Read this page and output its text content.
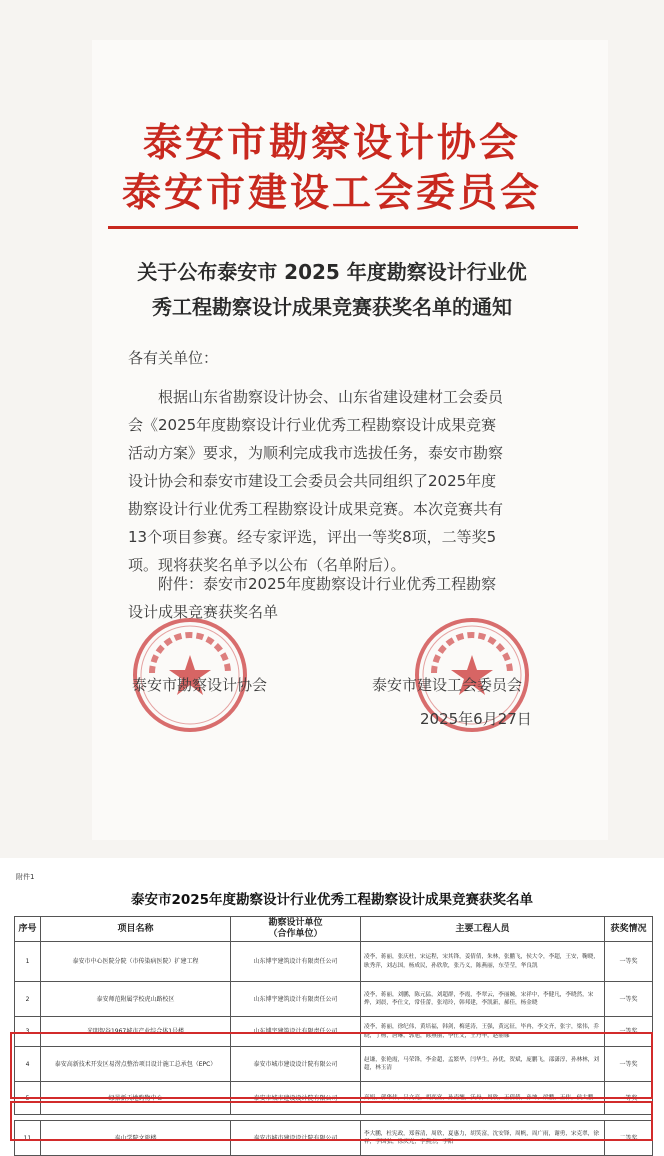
泰安市勘察设计协会
泰安市建设工会委员会
关于公布泰安市 2025 年度勘察设计行业优
秀工程勘察设计成果竞赛获奖名单的通知
各有关单位：
根据山东省勘察设计协会、山东省建设建材工会委员会《2025年度勘察设计行业优秀工程勘察设计成果竞赛活动方案》要求，为顺利完成我市选拔任务，泰安市勘察设计协会和泰安市建设工会委员会共同组织了2025年度勘察设计行业优秀工程勘察设计成果竞赛。本次竞赛共有13个项目参赛。经专家评选，评出一等奖8项，二等奖5项。现将获奖名单予以公布（名单附后）。
附件：泰安市2025年度勘察设计行业优秀工程勘察设计成果竞赛获奖名单
泰安市勘察设计协会	泰安市建设工会委员会
2025年6月27日
附件1
泰安市2025年度勘察设计行业优秀工程勘察设计成果竞赛获奖名单
序号	项目名称	勘察设计单位
（合作单位）	主要工程人员	获奖情况
1	泰安市中心医院分院（市传染病医院）扩建工程	山东博宇建筑设计有限责任公司	凌李，蒋丽，张庆杜，宋运程，宋其锋，姜倩倩，朱林，张鹏飞，侯大令，李超，王安，鞠晓，耿秀萍，刘志国，杨成民，孙欣欣，张乃义，陈燕丽，东莹莹，华良凯	一等奖
2	泰安师范附属学校虎山路校区	山东博宇建筑设计有限责任公司	凌李，蒋丽，刘鹏，陈元猛，刘超群，李霞，李翠云，李丽婉，宋祥中，李健凡，李晓然，宋烨，刘晨，李仕文，常佳蕾，张靖玲，韩邦建，李凯新，郝佳，杨金晓	一等奖
3	光明智谷1967城市产业综合体1号楼	山东博宇建筑设计有限责任公司	凌李，蒋丽，徐纪伟，黄培福，韩剑，梅延涛，王强，黄远征，毕冉，李文齐，张宇，梁伟，乔晓，丁杨，唐琳，郭旭，陈燕丽，李仕文，王丹华，赵丽娜	一等奖
4	泰安高新技术开发区易涝点整治项目设计施工总承包（EPC）	泰安市城市建设设计院有限公司	赵谦，张艳霞，马荣锋，李金超，孟繁华，闫华生，孙优，贺斌，庞鹏飞，邵潇淳，孙林林，刘超，林玉清	一等奖
5	绿景新天地购物中心	泰安市城市建设设计院有限公司	高娟，郭华伟，吕文兖，胡奕富，孙南翘，沃丹，周欣，王倩倩，孙坤，梁鹏，王伟，侯大鹏	一等奖

11	泰山学院文旅楼	泰安市城市建设设计院有限公司	李大鹏，杜宪政，郑蓉清，周欣，夏惠力，胡笑富，沈安锋，周帆，周广雨，谢勇，宋克翠，徐祥，李国弘，徐庆光，李燕杰，李阳	二等奖
